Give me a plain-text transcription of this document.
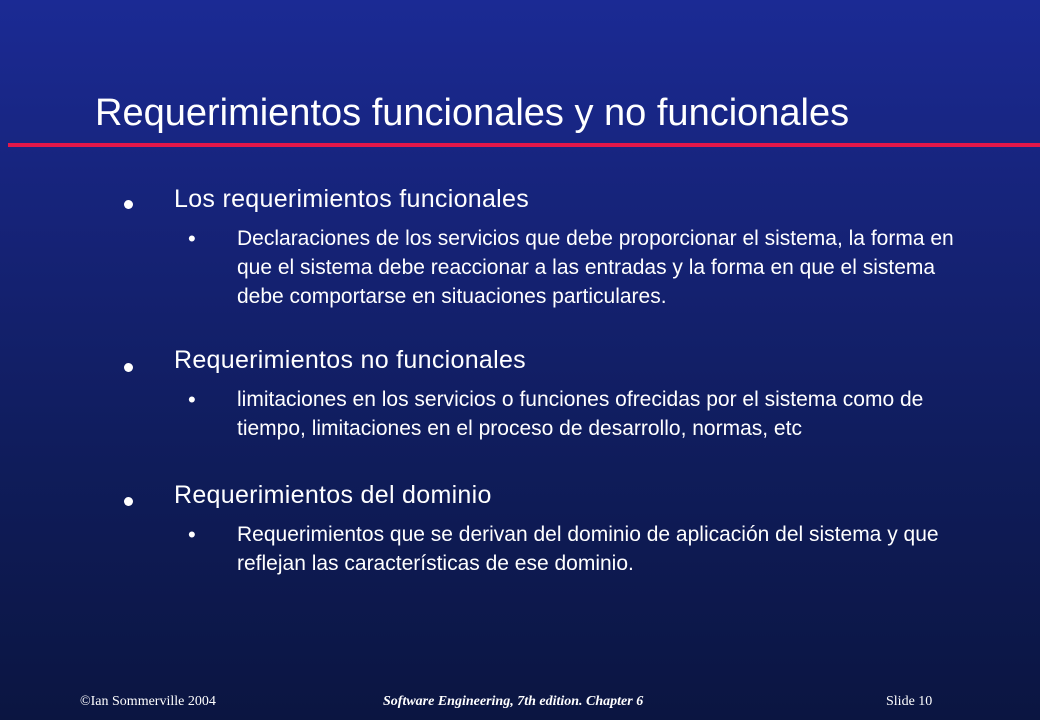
Requerimientos funcionales y no funcionales
Los requerimientos funcionales
• Declaraciones de los servicios que debe proporcionar el sistema, la forma en que el sistema debe reaccionar a las entradas y la forma en que el sistema debe comportarse en situaciones particulares.
Requerimientos no funcionales
• limitaciones en los servicios o funciones ofrecidas por el sistema como de tiempo, limitaciones en el proceso de desarrollo, normas, etc
Requerimientos del dominio
• Requerimientos que se derivan del dominio de aplicación del sistema y que reflejan las características de ese dominio.
©Ian Sommerville 2004	Software Engineering, 7th edition. Chapter 6	Slide 10
